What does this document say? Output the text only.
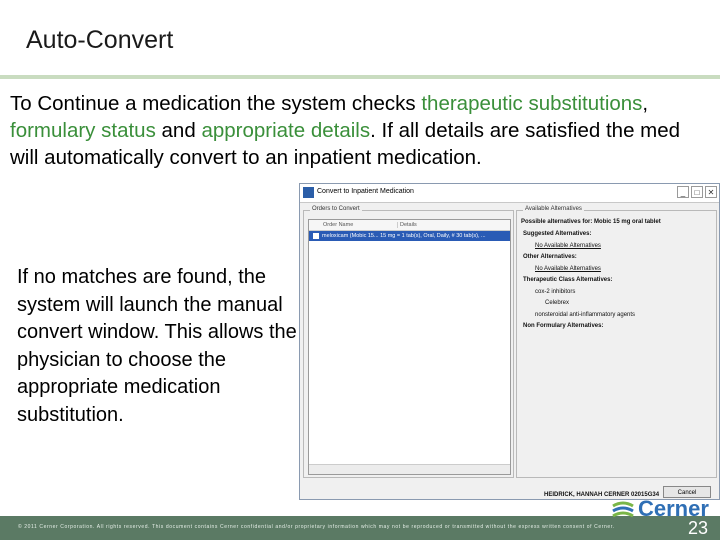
Auto-Convert
To Continue a medication the system checks therapeutic substitutions, formulary status and appropriate details. If all details are satisfied the med will automatically convert to an inpatient medication.
If no matches are found, the system will launch the manual convert window. This allows the physician to choose the appropriate medication substitution.
Convert to Inpatient Medication	_	□	✕
Orders to Convert
Order Name	Details
meloxicam (Mobic 15... 15 mg = 1 tab(s), Oral, Daily, # 30 tab(s), ...
Available Alternatives
Possible alternatives for: Mobic 15 mg oral tablet
Suggested Alternatives:
No Available Alternatives
Other Alternatives:
No Available Alternatives
Therapeutic Class Alternatives:
cox-2 inhibitors
Celebrex
nonsteroidal anti-inflammatory agents
Non Formulary Alternatives:
HEIDRICK, HANNAH CERNER 02015G34	Cancel
© 2011 Cerner Corporation. All rights reserved. This document contains Cerner confidential and/or proprietary information which may not be reproduced or transmitted without the express written consent of Cerner.	23
Cerner
